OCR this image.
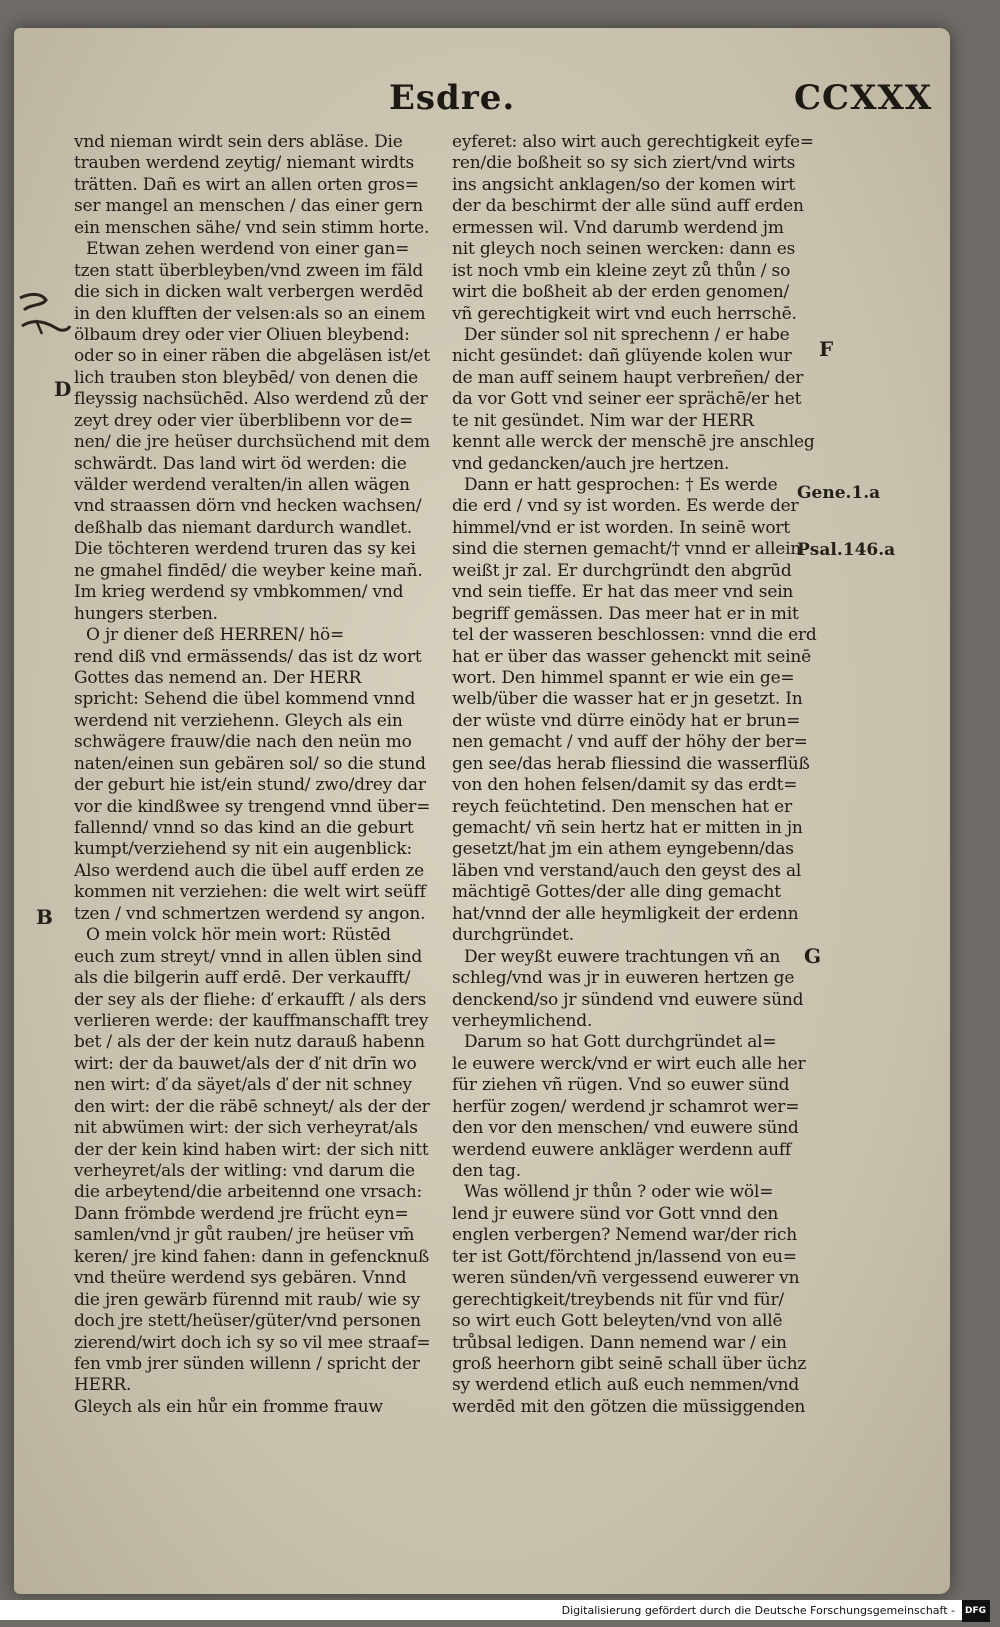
Esdre.	CCXXX
vnd nieman wirdt sein ders abläse. Die
trauben werdend zeytig/ niemant wirdts
trätten. Dañ es wirt an allen orten gros=
ser mangel an menschen / das einer gern
ein menschen sähe/ vnd sein stimm horte.
Etwan zehen werdend von einer gan=
tzen statt überbleyben/vnd zween im fäld
die sich in dicken walt verbergen werdēd
in den klufften der velsen:als so an einem
ölbaum drey oder vier Oliuen bleybend:
oder so in einer räben die abgeläsen ist/et
lich trauben ston bleybēd/ von denen die
fleyssig nachsüchēd. Also werdend zů der
zeyt drey oder vier überblibenn vor de=
nen/ die jre heüser durchsüchend mit dem
schwärdt. Das land wirt öd werden: die
välder werdend veralten/in allen wägen
vnd straassen dörn vnd hecken wachsen/
deßhalb das niemant dardurch wandlet.
Die töchteren werdend truren das sy kei
ne gmahel findēd/ die weyber keine mañ.
Im krieg werdend sy vmbkommen/ vnd
hungers sterben.
O jr diener deß HERREN/ hö=
rend diß vnd ermässends/ das ist dz wort
Gottes das nemend an. Der HERR
spricht: Sehend die übel kommend vnnd
werdend nit verziehenn. Gleych als ein
schwägere frauw/die nach den neün mo
naten/einen sun gebären sol/ so die stund
der geburt hie ist/ein stund/ zwo/drey dar
vor die kindßwee sy trengend vnnd über=
fallennd/ vnnd so das kind an die geburt
kumpt/verziehend sy nit ein augenblick:
Also werdend auch die übel auff erden ze
kommen nit verziehen: die welt wirt seüff
tzen / vnd schmertzen werdend sy angon.
O mein volck hör mein wort: Rüstēd
euch zum streyt/ vnnd in allen üblen sind
als die bilgerin auff erdē. Der verkaufft/
der sey als der fliehe: ď erkaufft / als ders
verlieren werde: der kauffmanschafft trey
bet / als der der kein nutz darauß habenn
wirt: der da bauwet/als der ď nit drīn wo
nen wirt: ď da säyet/als ď der nit schney
den wirt: der die räbē schneyt/ als der der
nit abwümen wirt: der sich verheyrat/als
der der kein kind haben wirt: der sich nitt
verheyret/als der witling: vnd darum die
die arbeytend/die arbeitennd one vrsach:
Dann frömbde werdend jre frücht eyn=
samlen/vnd jr gůt rauben/ jre heüser vm̄
keren/ jre kind fahen: dann in gefencknuß
vnd theüre werdend sys gebären. Vnnd
die jren gewärb fürennd mit raub/ wie sy
doch jre stett/heüser/güter/vnd personen
zierend/wirt doch ich sy so vil mee straaf=
fen vmb jrer sünden willenn / spricht der
HERR.
Gleych als ein hůr ein fromme frauw
eyferet: also wirt auch gerechtigkeit eyfe=
ren/die boßheit so sy sich ziert/vnd wirts
ins angsicht anklagen/so der komen wirt
der da beschirmt der alle sünd auff erden
ermessen wil. Vnd darumb werdend jm
nit gleych noch seinen wercken: dann es
ist noch vmb ein kleine zeyt zů thůn / so
wirt die boßheit ab der erden genomen/
vñ gerechtigkeit wirt vnd euch herrschē.
Der sünder sol nit sprechenn / er habe
nicht gesündet: dañ glüyende kolen wur
de man auff seinem haupt verbreñen/ der
da vor Gott vnd seiner eer sprächē/er het
te nit gesündet. Nim war der HERR
kennt alle werck der menschē jre anschleg
vnd gedancken/auch jre hertzen.
Dann er hatt gesprochen: † Es werde
die erd / vnd sy ist worden. Es werde der
himmel/vnd er ist worden. In seinē wort
sind die sternen gemacht/† vnnd er allein
weißt jr zal. Er durchgründt den abgrūd
vnd sein tieffe. Er hat das meer vnd sein
begriff gemässen. Das meer hat er in mit
tel der wasseren beschlossen: vnnd die erd
hat er über das wasser gehenckt mit seinē
wort. Den himmel spannt er wie ein ge=
welb/über die wasser hat er jn gesetzt. In
der wüste vnd dürre einödy hat er brun=
nen gemacht / vnd auff der höhy der ber=
gen see/das herab fliessind die wasserflüß
von den hohen felsen/damit sy das erdt=
reych feüchtetind. Den menschen hat er
gemacht/ vñ sein hertz hat er mitten in jn
gesetzt/hat jm ein athem eyngebenn/das
läben vnd verstand/auch den geyst des al
mächtigē Gottes/der alle ding gemacht
hat/vnnd der alle heymligkeit der erdenn
durchgründet.
Der weyßt euwere trachtungen vñ an
schleg/vnd was jr in euweren hertzen ge
denckend/so jr sündend vnd euwere sünd
verheymlichend.
Darum so hat Gott durchgründet al=
le euwere werck/vnd er wirt euch alle her
für ziehen vñ rügen. Vnd so euwer sünd
herfür zogen/ werdend jr schamrot wer=
den vor den menschen/ vnd euwere sünd
werdend euwere ankläger werdenn auff
den tag.
Was wöllend jr thůn ? oder wie wöl=
lend jr euwere sünd vor Gott vnnd den
englen verbergen? Nemend war/der rich
ter ist Gott/förchtend jn/lassend von eu=
weren sünden/vñ vergessend euwerer vn
gerechtigkeit/treybends nit für vnd für/
so wirt euch Gott beleyten/vnd von allē
trůbsal ledigen. Dann nemend war / ein
groß heerhorn gibt seinē schall über üchz
sy werdend etlich auß euch nemmen/vnd
werdēd mit den götzen die müssiggenden
D
B
F
G
Gene.1.a
Psal.146.a
Digitalisierung gefördert durch die Deutsche Forschungsgemeinschaft - DFG
